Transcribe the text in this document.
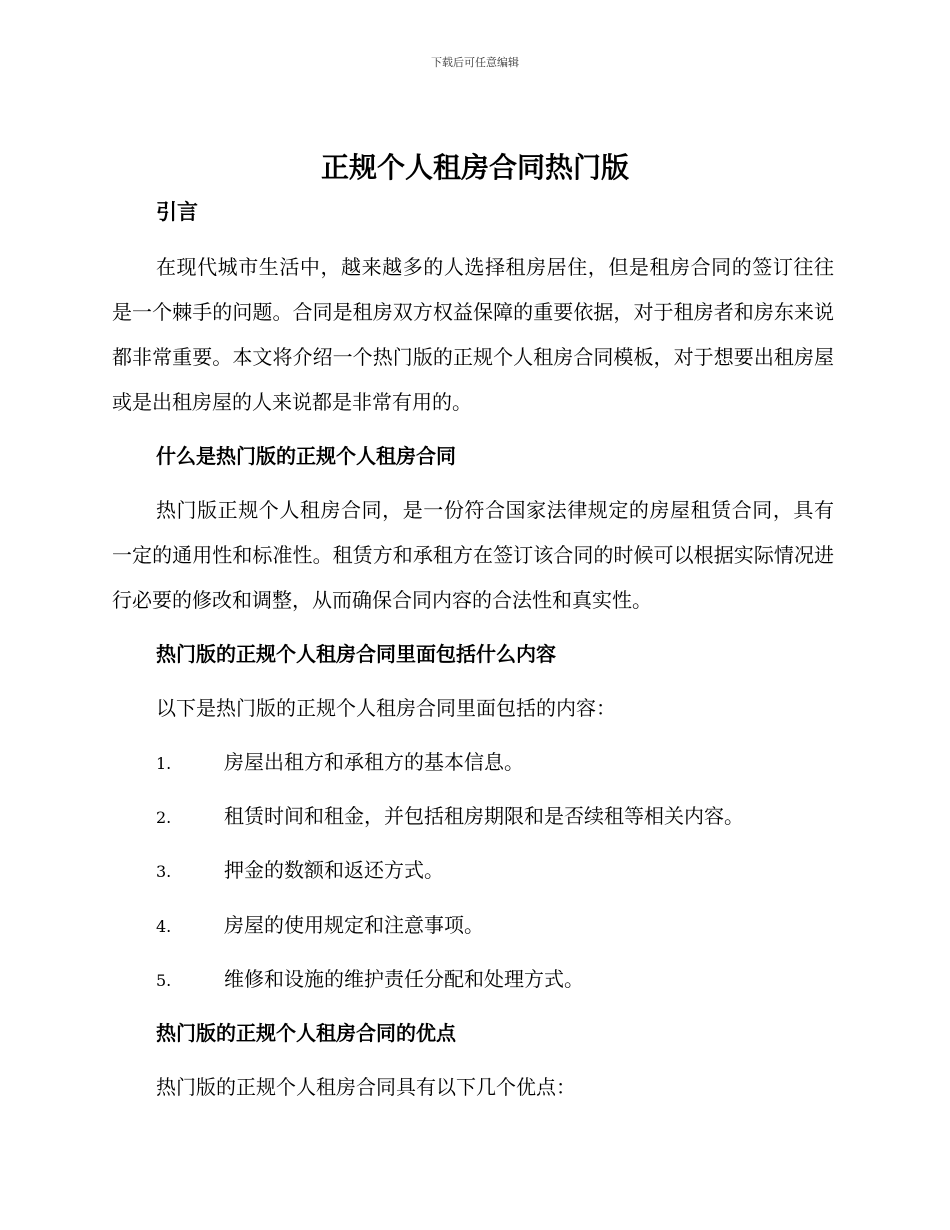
下载后可任意编辑
正规个人租房合同热门版
引言

在现代城市生活中，越来越多的人选择租房居住，但是租房合同的签订往往是一个棘手的问题。合同是租房双方权益保障的重要依据，对于租房者和房东来说都非常重要。本文将介绍一个热门版的正规个人租房合同模板，对于想要出租房屋或是出租房屋的人来说都是非常有用的。

什么是热门版的正规个人租房合同

热门版正规个人租房合同，是一份符合国家法律规定的房屋租赁合同，具有一定的通用性和标准性。租赁方和承租方在签订该合同的时候可以根据实际情况进行必要的修改和调整，从而确保合同内容的合法性和真实性。

热门版的正规个人租房合同里面包括什么内容

以下是热门版的正规个人租房合同里面包括的内容：

1.	房屋出租方和承租方的基本信息。
2.	租赁时间和租金，并包括租房期限和是否续租等相关内容。
3.	押金的数额和返还方式。
4.	房屋的使用规定和注意事项。
5.	维修和设施的维护责任分配和处理方式。
热门版的正规个人租房合同的优点

热门版的正规个人租房合同具有以下几个优点：
